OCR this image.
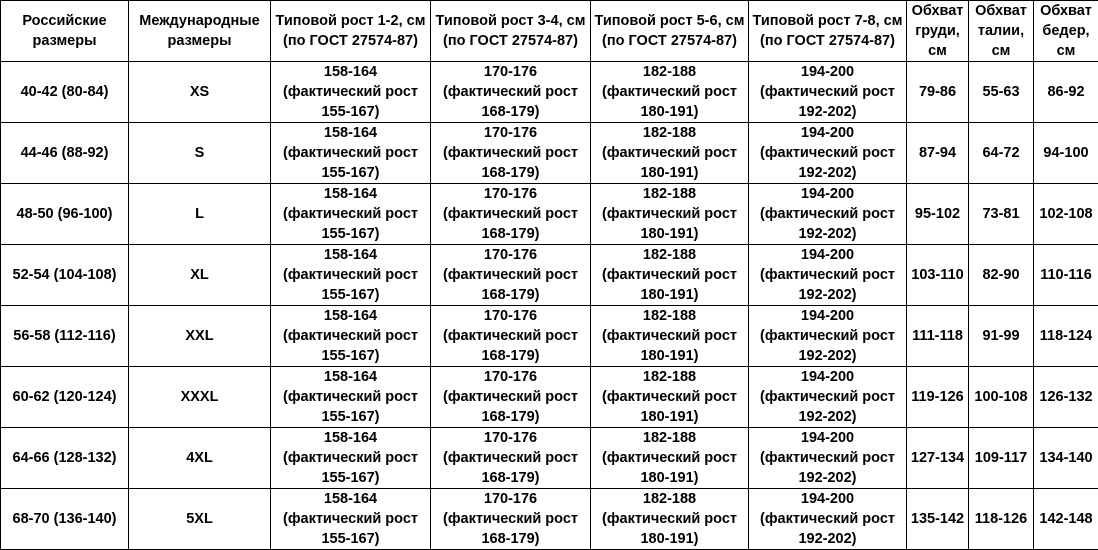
Российские
размеры	Международные
размеры	Типовой рост 1-2, см
(по ГОСТ 27574-87)	Типовой рост 3-4, см
(по ГОСТ 27574-87)	Типовой рост 5-6, см
(по ГОСТ 27574-87)	Типовой рост 7-8, см
(по ГОСТ 27574-87)	Обхват
груди,
см	Обхват
талии,
см	Обхват
бедер,
см

40-42 (80-84)	XS	158-164
(фактический рост
155-167)	170-176
(фактический рост
168-179)	182-188
(фактический рост
180-191)	194-200
(фактический рост
192-202)	79-86	55-63	86-92
44-46 (88-92)	S	158-164
(фактический рост
155-167)	170-176
(фактический рост
168-179)	182-188
(фактический рост
180-191)	194-200
(фактический рост
192-202)	87-94	64-72	94-100
48-50 (96-100)	L	158-164
(фактический рост
155-167)	170-176
(фактический рост
168-179)	182-188
(фактический рост
180-191)	194-200
(фактический рост
192-202)	95-102	73-81	102-108
52-54 (104-108)	XL	158-164
(фактический рост
155-167)	170-176
(фактический рост
168-179)	182-188
(фактический рост
180-191)	194-200
(фактический рост
192-202)	103-110	82-90	110-116
56-58 (112-116)	XXL	158-164
(фактический рост
155-167)	170-176
(фактический рост
168-179)	182-188
(фактический рост
180-191)	194-200
(фактический рост
192-202)	111-118	91-99	118-124
60-62 (120-124)	XXXL	158-164
(фактический рост
155-167)	170-176
(фактический рост
168-179)	182-188
(фактический рост
180-191)	194-200
(фактический рост
192-202)	119-126	100-108	126-132
64-66 (128-132)	4XL	158-164
(фактический рост
155-167)	170-176
(фактический рост
168-179)	182-188
(фактический рост
180-191)	194-200
(фактический рост
192-202)	127-134	109-117	134-140
68-70 (136-140)	5XL	158-164
(фактический рост
155-167)	170-176
(фактический рост
168-179)	182-188
(фактический рост
180-191)	194-200
(фактический рост
192-202)	135-142	118-126	142-148
